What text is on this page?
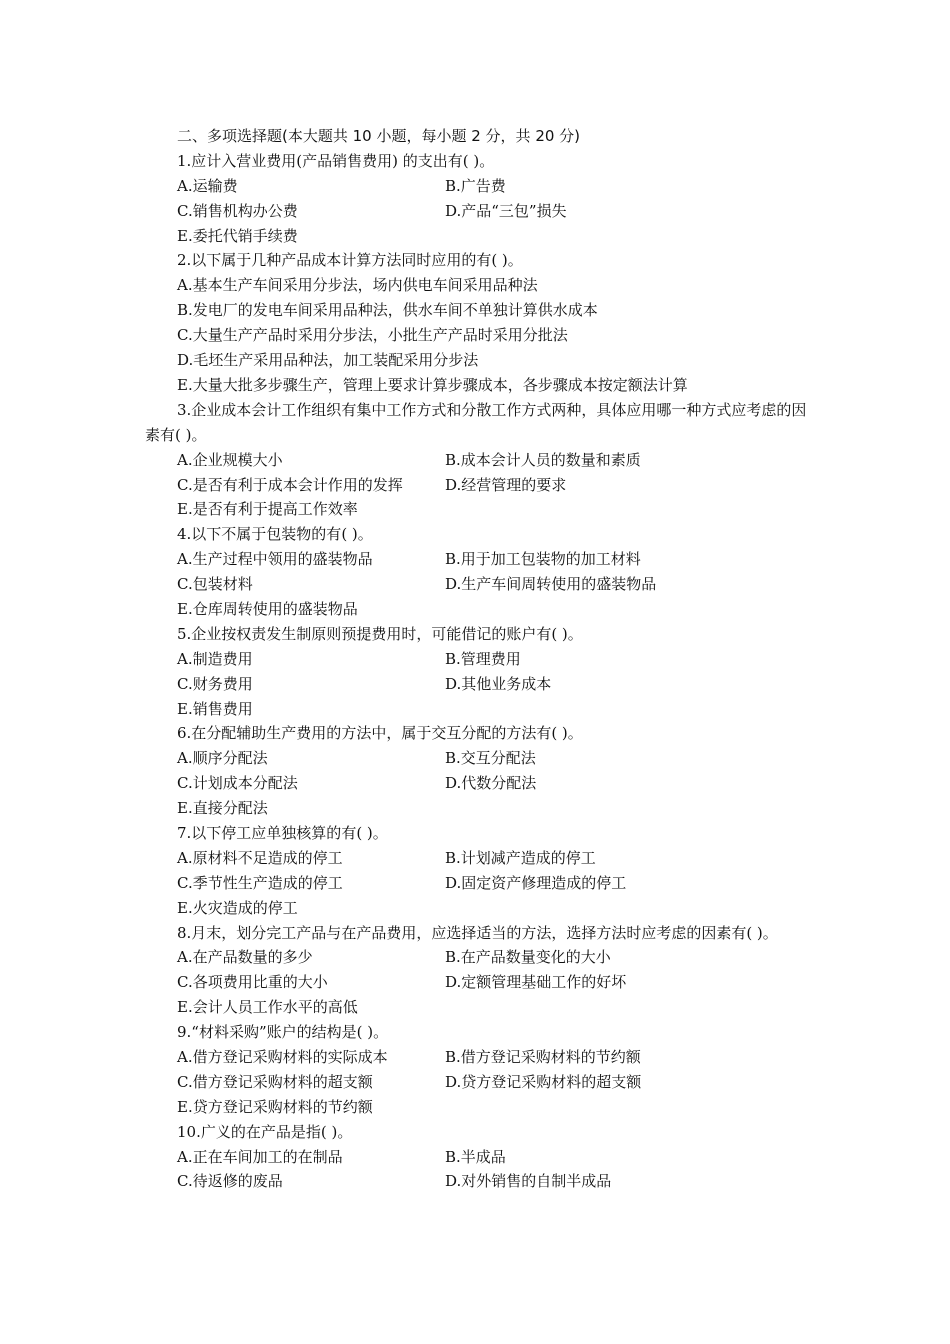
二、多项选择题(本大题共 10 小题，每小题 2 分，共 20 分)
1.应计入营业费用(产品销售费用) 的支出有( )。
A.运输费	B.广告费
C.销售机构办公费	D.产品“三包”损失
E.委托代销手续费
2.以下属于几种产品成本计算方法同时应用的有( )。
A.基本生产车间采用分步法，场内供电车间采用品种法
B.发电厂的发电车间采用品种法，供水车间不单独计算供水成本
C.大量生产产品时采用分步法，小批生产产品时采用分批法
D.毛坯生产采用品种法，加工装配采用分步法
E.大量大批多步骤生产，管理上要求计算步骤成本，各步骤成本按定额法计算
3.企业成本会计工作组织有集中工作方式和分散工作方式两种，具体应用哪一种方式应考虑的因素有( )。
A.企业规模大小	B.成本会计人员的数量和素质
C.是否有利于成本会计作用的发挥	D.经营管理的要求
E.是否有利于提高工作效率
4.以下不属于包装物的有( )。
A.生产过程中领用的盛装物品	B.用于加工包装物的加工材料
C.包装材料	D.生产车间周转使用的盛装物品
E.仓库周转使用的盛装物品
5.企业按权责发生制原则预提费用时，可能借记的账户有( )。
A.制造费用	B.管理费用
C.财务费用	D.其他业务成本
E.销售费用
6.在分配辅助生产费用的方法中，属于交互分配的方法有( )。
A.顺序分配法	B.交互分配法
C.计划成本分配法	D.代数分配法
E.直接分配法
7.以下停工应单独核算的有( )。
A.原材料不足造成的停工	B.计划减产造成的停工
C.季节性生产造成的停工	D.固定资产修理造成的停工
E.火灾造成的停工
8.月末，划分完工产品与在产品费用，应选择适当的方法，选择方法时应考虑的因素有( )。
A.在产品数量的多少	B.在产品数量变化的大小
C.各项费用比重的大小	D.定额管理基础工作的好坏
E.会计人员工作水平的高低
9.“材料采购”账户的结构是( )。
A.借方登记采购材料的实际成本	B.借方登记采购材料的节约额
C.借方登记采购材料的超支额	D.贷方登记采购材料的超支额
E.贷方登记采购材料的节约额
10.广义的在产品是指( )。
A.正在车间加工的在制品	B.半成品
C.待返修的废品	D.对外销售的自制半成品
